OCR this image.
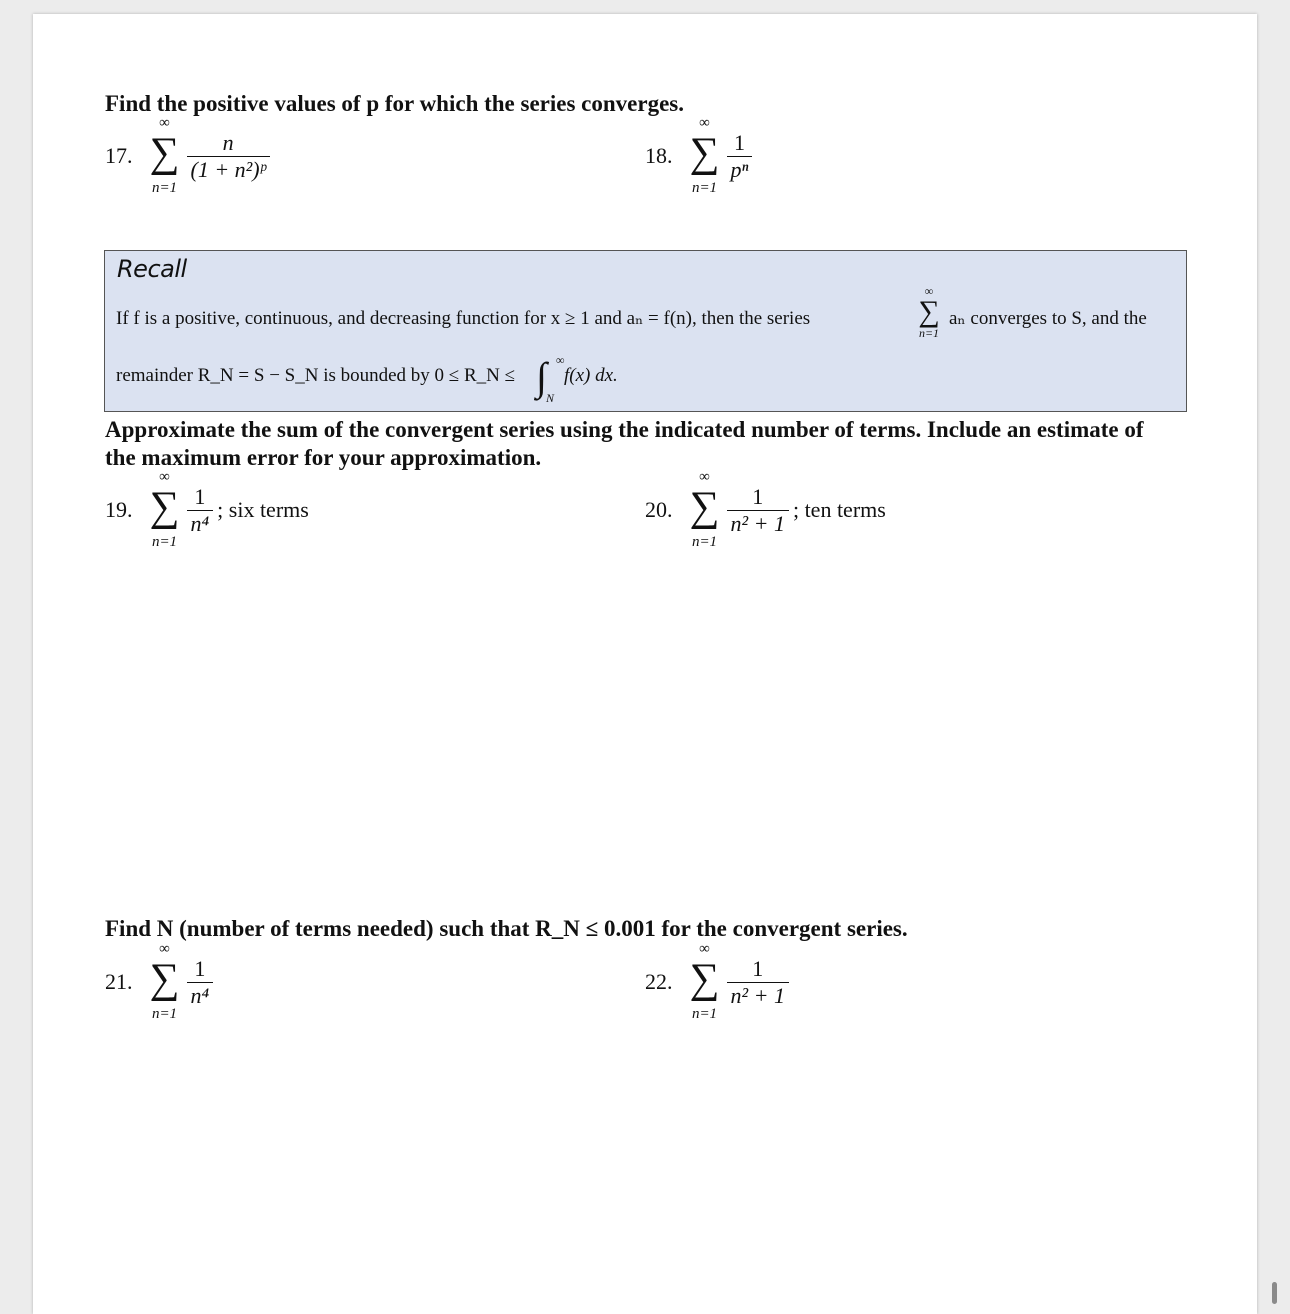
Find the positive values of p for which the series converges.
17.
∞
∑
n=1
$\frac{n}{\text{(1 + n²)ᵖ}}$	18.
∞
∑
n=1
$\frac{1}{\text{pⁿ}}$
Recall
If f is a positive, continuous, and decreasing function for x ≥ 1 and aₙ = f(n), then the series
∞
∑
n=1
aₙ converges to S, and the
remainder R_N = S − S_N is bounded by 0 ≤ R_N ≤ ∫ ∞
N
f(x) dx.
Approximate the sum of the convergent series using the indicated number of terms. Include an estimate of the maximum error for your approximation.
19.
∞
∑
n=1
$\frac{1}{\text{n⁴}}$ ; six terms	20.
∞
∑
n=1
$\frac{1}{\text{n² + 1}}$ ; ten terms
Find N (number of terms needed) such that R_N ≤ 0.001 for the convergent series.
21.
∞
∑
n=1
$\frac{1}{\text{n⁴}}$	22.
∞
∑
n=1
$\frac{1}{\text{n² + 1}}$
